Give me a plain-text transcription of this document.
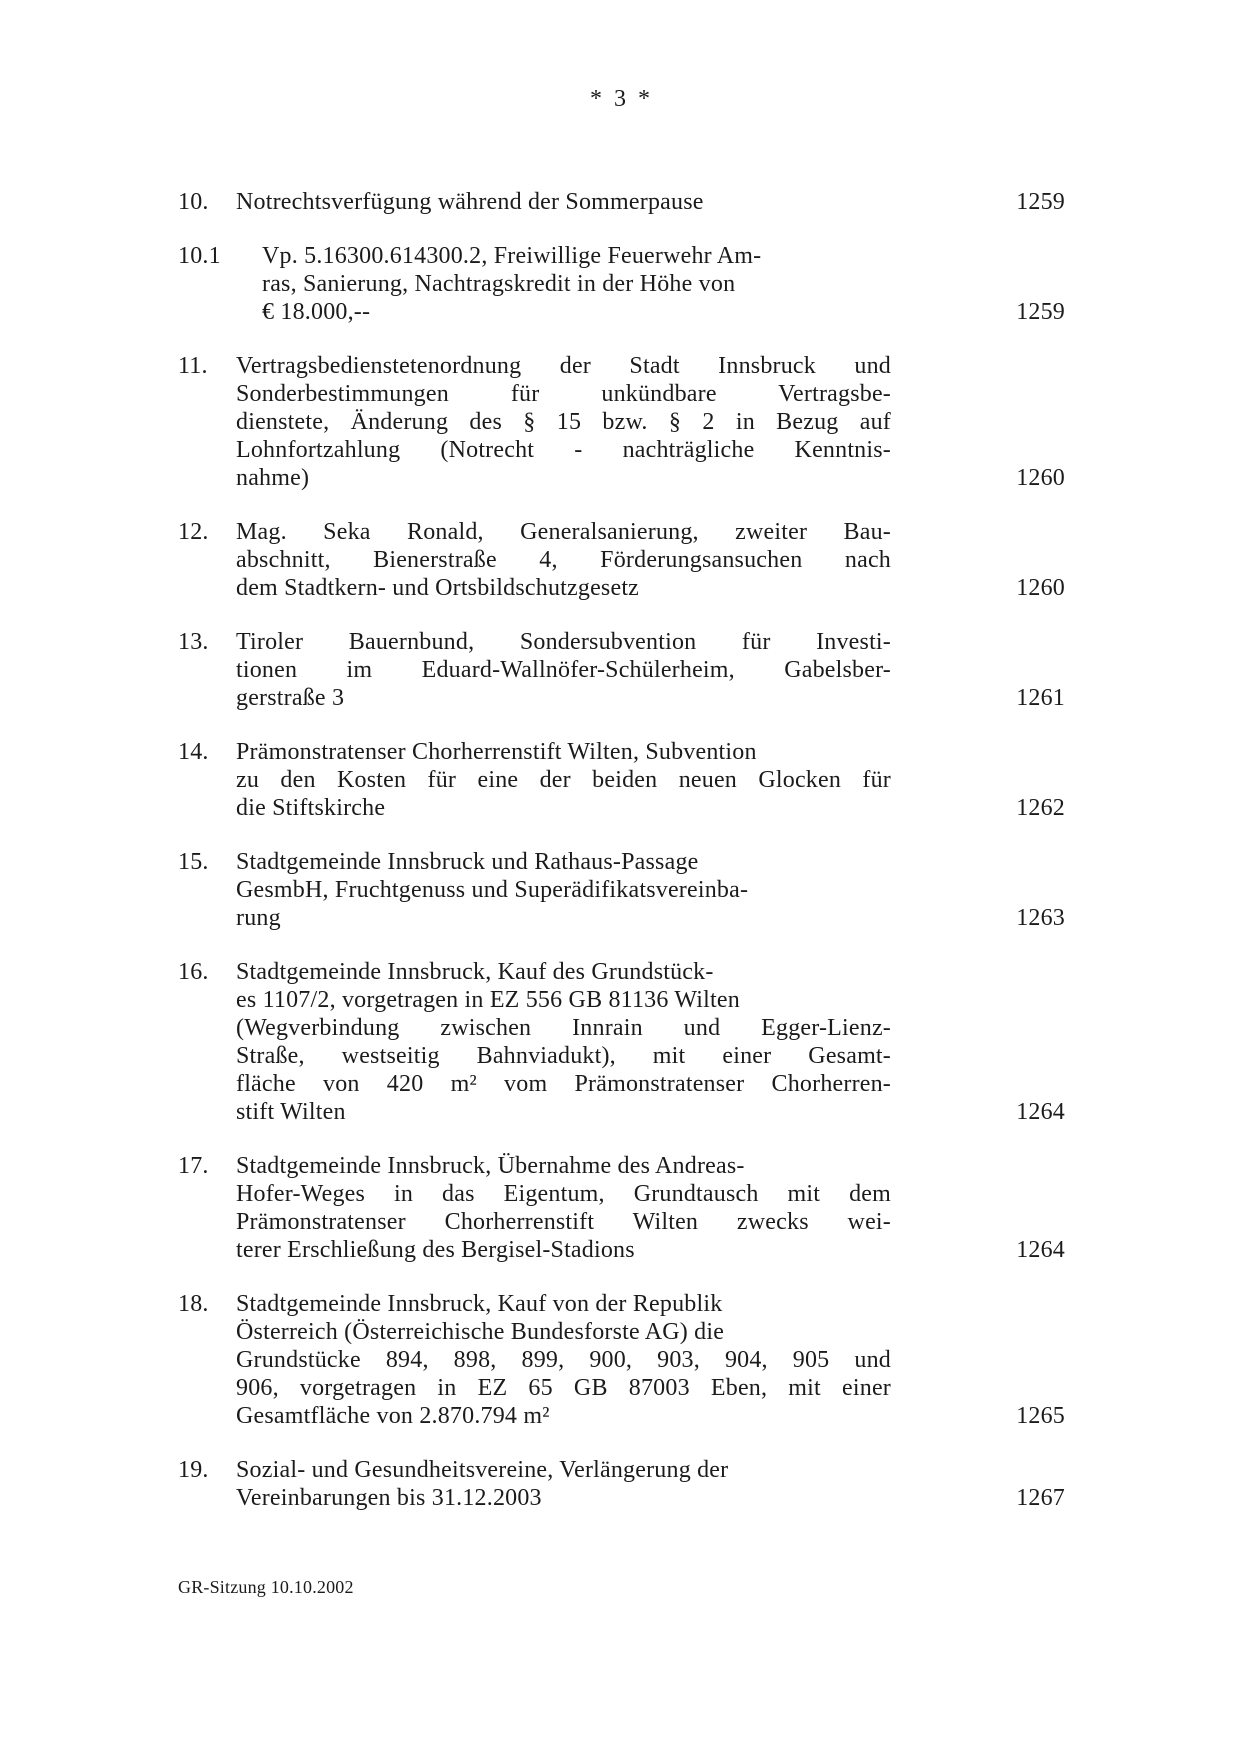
* 3 *
10.	Notrechtsverfügung während der Sommerpause	1259
10.1	Vp. 5.16300.614300.2, Freiwillige Feuerwehr Am-
ras, Sanierung, Nachtragskredit in der Höhe von
€ 18.000,--	1259
11.	Vertragsbedienstetenordnung der Stadt Innsbruck und
Sonderbestimmungen für unkündbare Vertragsbe-
dienstete, Änderung des § 15 bzw. § 2 in Bezug auf
Lohnfortzahlung (Notrecht - nachträgliche Kenntnis-
nahme)	1260
12.	Mag. Seka Ronald, Generalsanierung, zweiter Bau-
abschnitt, Bienerstraße 4, Förderungsansuchen nach
dem Stadtkern- und Ortsbildschutzgesetz	1260
13.	Tiroler Bauernbund, Sondersubvention für Investi-
tionen im Eduard-Wallnöfer-Schülerheim, Gabelsber-
gerstraße 3	1261
14.	Prämonstratenser Chorherrenstift Wilten, Subvention
zu den Kosten für eine der beiden neuen Glocken für
die Stiftskirche	1262
15.	Stadtgemeinde Innsbruck und Rathaus-Passage
GesmbH, Fruchtgenuss und Superädifikatsvereinba-
rung	1263
16.	Stadtgemeinde Innsbruck, Kauf des Grundstück-
es 1107/2, vorgetragen in EZ 556 GB 81136 Wilten
(Wegverbindung zwischen Innrain und Egger-Lienz-
Straße, westseitig Bahnviadukt), mit einer Gesamt-
fläche von 420 m² vom Prämonstratenser Chorherren-
stift Wilten	1264
17.	Stadtgemeinde Innsbruck, Übernahme des Andreas-
Hofer-Weges in das Eigentum, Grundtausch mit dem
Prämonstratenser Chorherrenstift Wilten zwecks wei-
terer Erschließung des Bergisel-Stadions	1264
18.	Stadtgemeinde Innsbruck, Kauf von der Republik
Österreich (Österreichische Bundesforste AG) die
Grundstücke 894, 898, 899, 900, 903, 904, 905 und
906, vorgetragen in EZ 65 GB 87003 Eben, mit einer
Gesamtfläche von 2.870.794 m²	1265
19.	Sozial- und Gesundheitsvereine, Verlängerung der
Vereinbarungen bis 31.12.2003	1267
GR-Sitzung 10.10.2002
